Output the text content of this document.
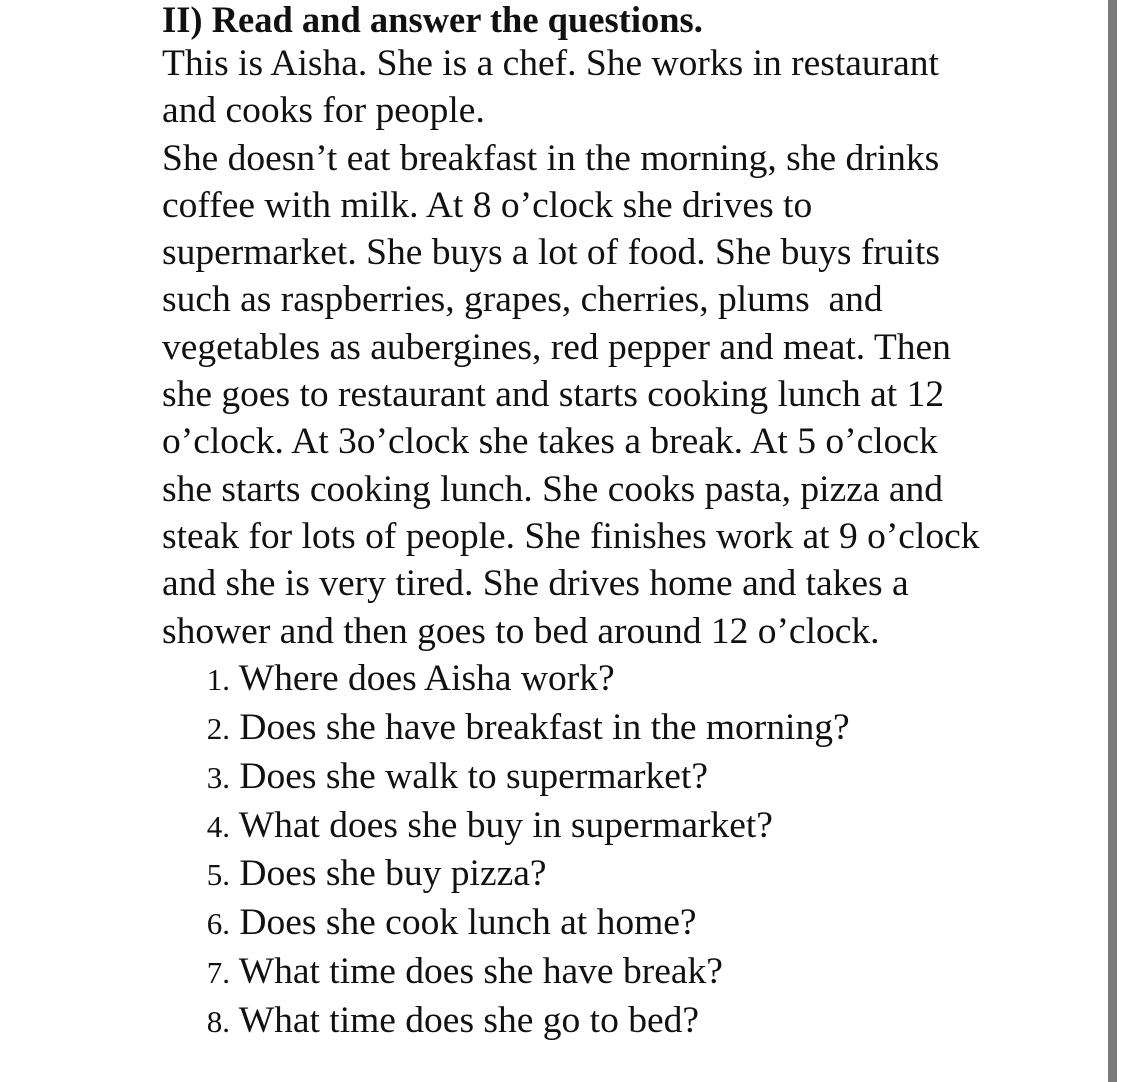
II) Read and answer the questions.
This is Aisha. She is a chef. She works in restaurant
and cooks for people.
She doesn’t eat breakfast in the morning, she drinks
coffee with milk. At 8 o’clock she drives to
supermarket. She buys a lot of food. She buys fruits
such as raspberries, grapes, cherries, plums  and
vegetables as aubergines, red pepper and meat. Then
she goes to restaurant and starts cooking lunch at 12
o’clock. At 3o’clock she takes a break. At 5 o’clock
she starts cooking lunch. She cooks pasta, pizza and
steak for lots of people. She finishes work at 9 o’clock
and she is very tired. She drives home and takes a
shower and then goes to bed around 12 o’clock.
1. Where does Aisha work?
2. Does she have breakfast in the morning?
3. Does she walk to supermarket?
4. What does she buy in supermarket?
5. Does she buy pizza?
6. Does she cook lunch at home?
7. What time does she have break?
8. What time does she go to bed?
